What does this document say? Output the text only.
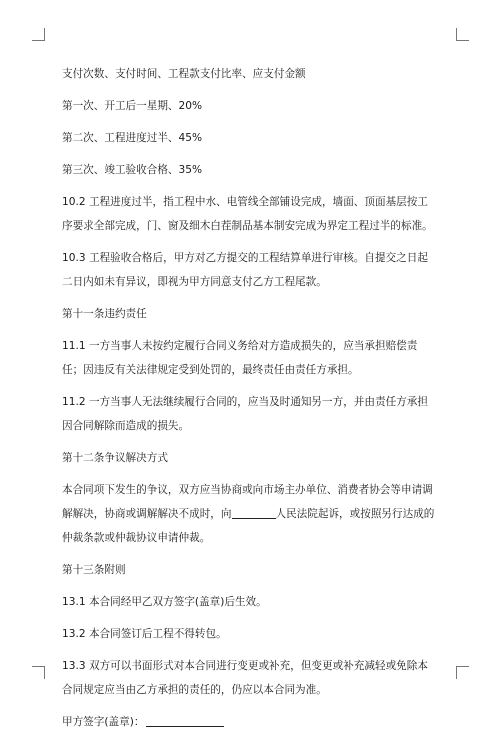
支付次数、支付时间、工程款支付比率、应支付金额

第一次、开工后一星期、20%

第二次、工程进度过半、45%

第三次、竣工验收合格、35%

10.2 工程进度过半，指工程中水、电管线全部铺设完成，墙面、顶面基层按工序要求全部完成，门、窗及细木白茬制品基本制安完成为界定工程过半的标准。

10.3 工程验收合格后，甲方对乙方提交的工程结算单进行审核。自提交之日起二日内如未有异议，即视为甲方同意支付乙方工程尾款。

第十一条违约责任

11.1 一方当事人未按约定履行合同义务给对方造成损失的，应当承担赔偿责任；因违反有关法律规定受到处罚的，最终责任由责任方承担。

11.2 一方当事人无法继续履行合同的，应当及时通知另一方，并由责任方承担因合同解除而造成的损失。

第十二条争议解决方式

本合同项下发生的争议，双方应当协商或向市场主办单位、消费者协会等申请调解解决，协商或调解解决不成时，向	人民法院起诉，或按照另行达成的仲裁条款或仲裁协议申请仲裁。

第十三条附则

13.1 本合同经甲乙双方签字(盖章)后生效。

13.2 本合同签订后工程不得转包。

13.3 双方可以书面形式对本合同进行变更或补充，但变更或补充减轻或免除本合同规定应当由乙方承担的责任的，仍应以本合同为准。

甲方签字(盖章)：
